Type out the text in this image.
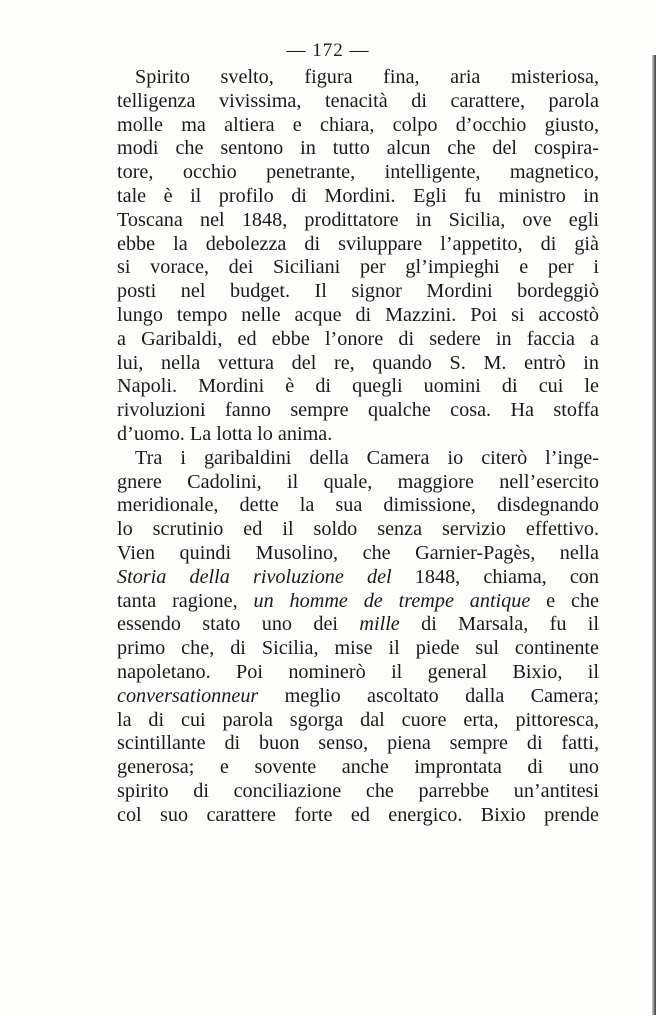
— 172 —
Spirito svelto, figura fina, aria misteriosa,
telligenza vivissima, tenacità di carattere, parola
molle ma altiera e chiara, colpo d’occhio giusto,
modi che sentono in tutto alcun che del cospira-
tore, occhio penetrante, intelligente, magnetico,
tale è il profilo di Mordini. Egli fu ministro in
Toscana nel 1848, prodittatore in Sicilia, ove egli
ebbe la debolezza di sviluppare l’appetito, di già
si vorace, dei Siciliani per gl’impieghi e per i
posti nel budget. Il signor Mordini bordeggiò
lungo tempo nelle acque di Mazzini. Poi si accostò
a Garibaldi, ed ebbe l’onore di sedere in faccia a
lui, nella vettura del re, quando S. M. entrò in
Napoli. Mordini è di quegli uomini di cui le
rivoluzioni fanno sempre qualche cosa. Ha stoffa
d’uomo. La lotta lo anima.
Tra i garibaldini della Camera io citerò l’inge-
gnere Cadolini, il quale, maggiore nell’esercito
meridionale, dette la sua dimissione, disdegnando
lo scrutinio ed il soldo senza servizio effettivo.
Vien quindi Musolino, che Garnier-Pagès, nella
Storia della rivoluzione del 1848, chiama, con
tanta ragione, un homme de trempe antique e che
essendo stato uno dei mille di Marsala, fu il
primo che, di Sicilia, mise il piede sul continente
napoletano. Poi nominerò il general Bixio, il
conversationneur meglio ascoltato dalla Camera;
la di cui parola sgorga dal cuore erta, pittoresca,
scintillante di buon senso, piena sempre di fatti,
generosa; e sovente anche improntata di uno
spirito di conciliazione che parrebbe un’antitesi
col suo carattere forte ed energico. Bixio prende
